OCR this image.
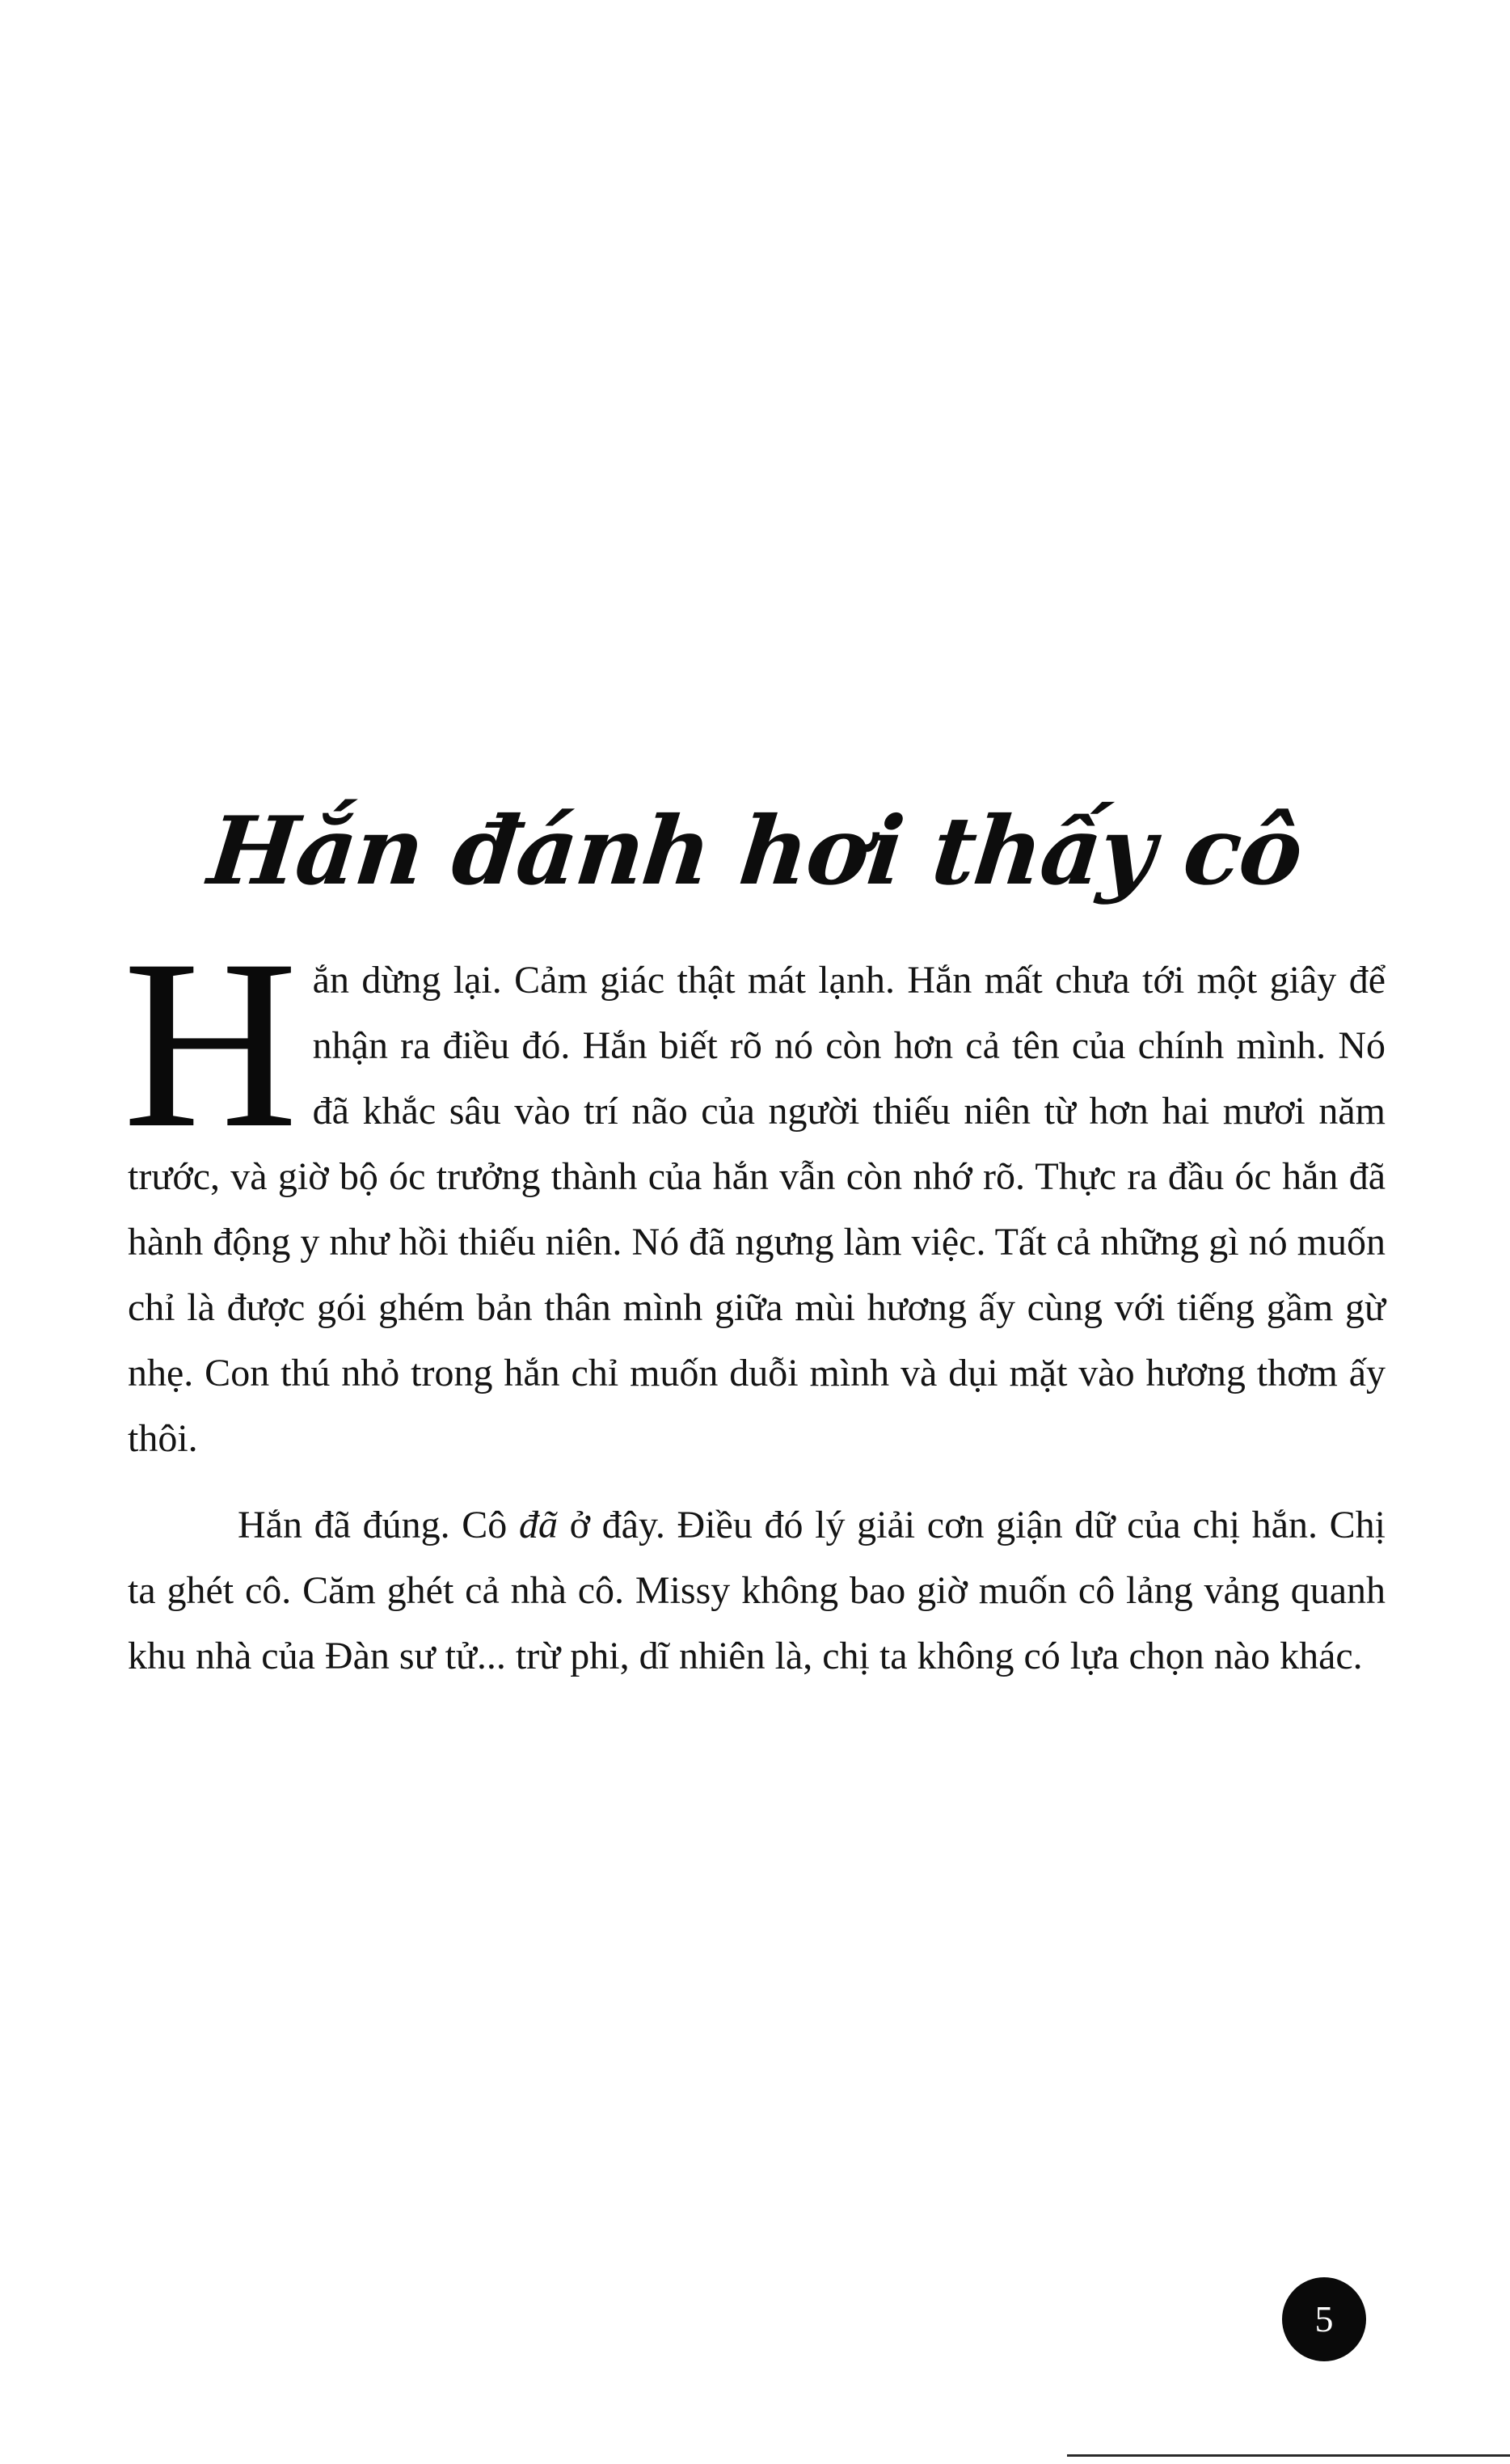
Hắn đánh hơi thấy cô

Hắn dừng lại. Cảm giác thật mát lạnh. Hắn mất chưa tới một giây để nhận ra điều đó. Hắn biết rõ nó còn hơn cả tên của chính mình. Nó đã khắc sâu vào trí não của người thiếu niên từ hơn hai mươi năm trước, và giờ bộ óc trưởng thành của hắn vẫn còn nhớ rõ. Thực ra đầu óc hắn đã hành động y như hồi thiếu niên. Nó đã ngưng làm việc. Tất cả những gì nó muốn chỉ là được gói ghém bản thân mình giữa mùi hương ấy cùng với tiếng gầm gừ nhẹ. Con thú nhỏ trong hắn chỉ muốn duỗi mình và dụi mặt vào hương thơm ấy thôi.

Hắn đã đúng. Cô đã ở đây. Điều đó lý giải cơn giận dữ của chị hắn. Chị ta ghét cô. Căm ghét cả nhà cô. Missy không bao giờ muốn cô lảng vảng quanh khu nhà của Đàn sư tử... trừ phi, dĩ nhiên là, chị ta không có lựa chọn nào khác.

5
